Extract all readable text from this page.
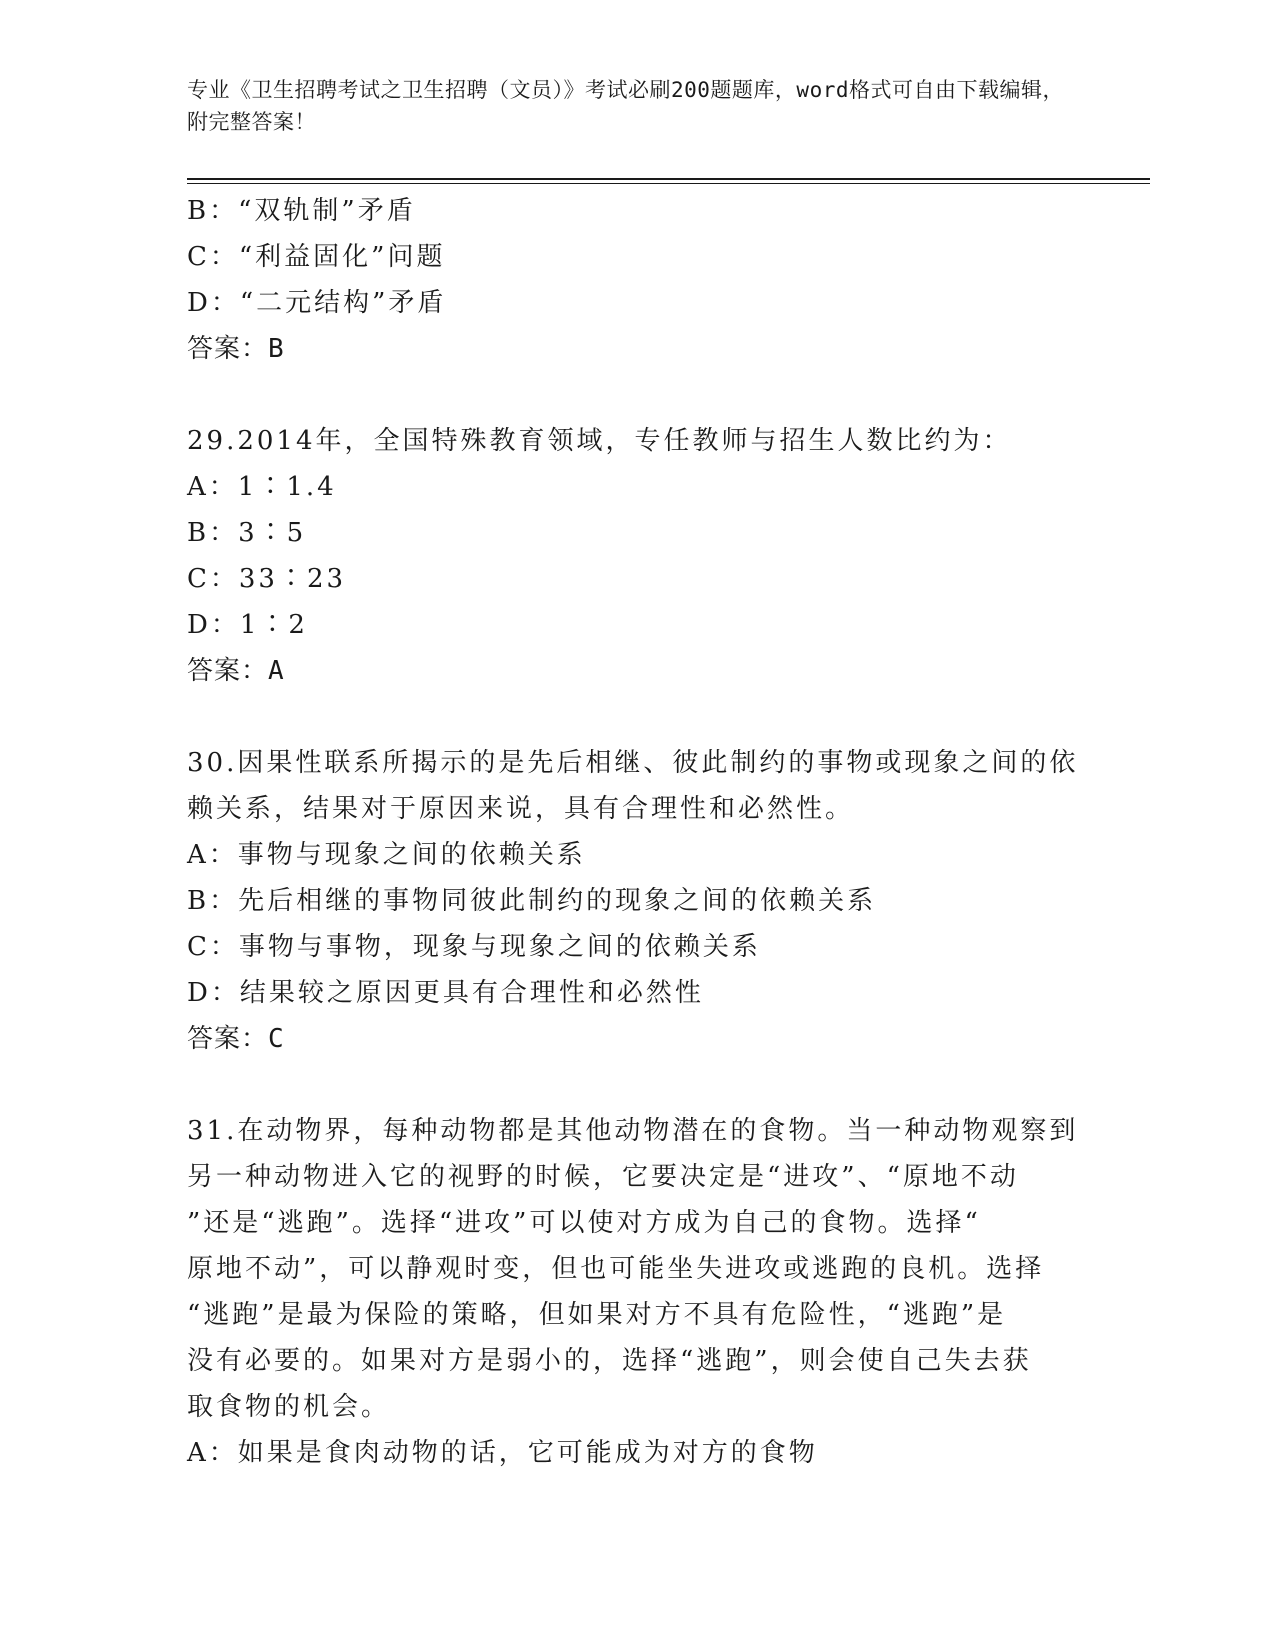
专业《卫生招聘考试之卫生招聘（文员）》考试必刷200题题库，word格式可自由下载编辑，附完整答案！
B：“双轨制”矛盾
C：“利益固化”问题
D：“二元结构”矛盾
答案：B
29.2014年，全国特殊教育领域，专任教师与招生人数比约为：
A：1∶1.4
B：3∶5
C：33∶23
D：1∶2
答案：A
30.因果性联系所揭示的是先后相继、彼此制约的事物或现象之间的依
赖关系，结果对于原因来说，具有合理性和必然性。
A：事物与现象之间的依赖关系
B：先后相继的事物同彼此制约的现象之间的依赖关系
C：事物与事物，现象与现象之间的依赖关系
D：结果较之原因更具有合理性和必然性
答案：C
31.在动物界，每种动物都是其他动物潜在的食物。当一种动物观察到
另一种动物进入它的视野的时候，它要决定是“进攻”、“原地不动
”还是“逃跑”。选择“进攻”可以使对方成为自己的食物。选择“
原地不动”，可以静观时变，但也可能坐失进攻或逃跑的良机。选择
“逃跑”是最为保险的策略，但如果对方不具有危险性，“逃跑”是
没有必要的。如果对方是弱小的，选择“逃跑”，则会使自己失去获
取食物的机会。
A：如果是食肉动物的话，它可能成为对方的食物
